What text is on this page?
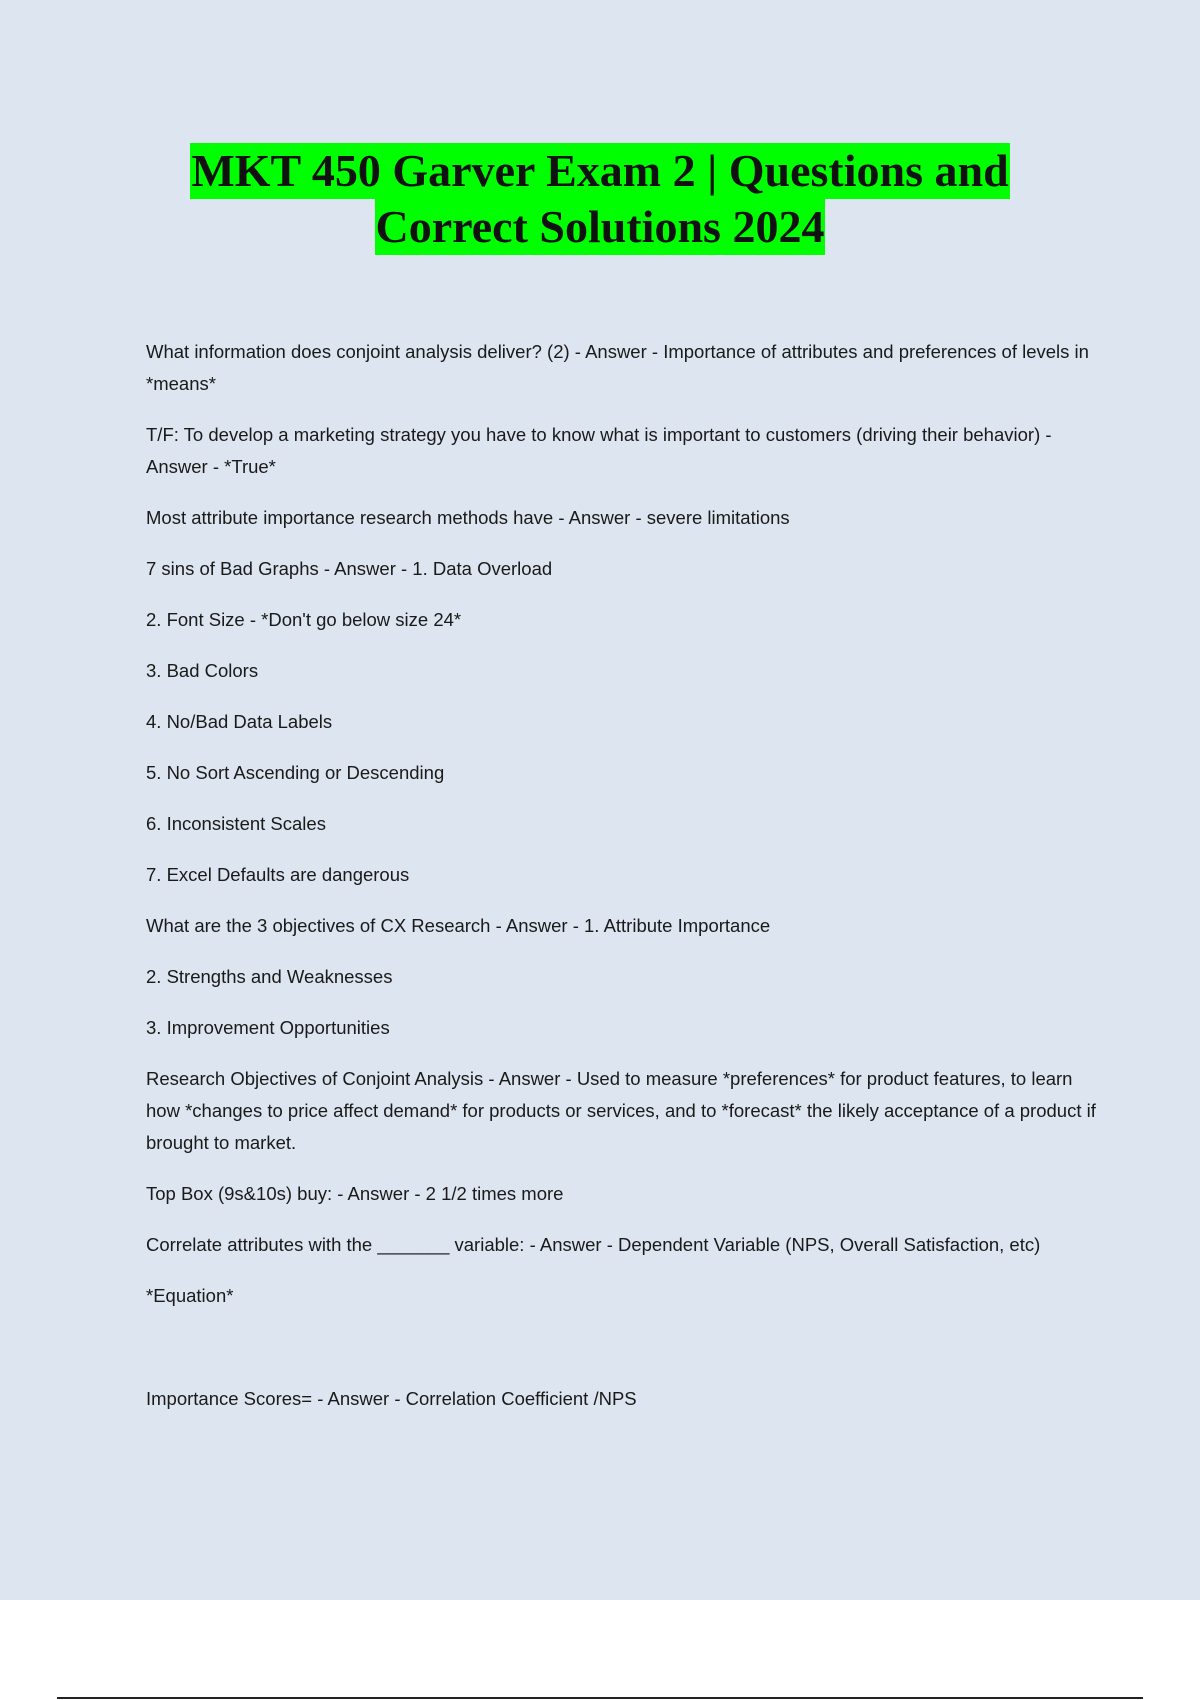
MKT 450 Garver Exam 2 | Questions and
Correct Solutions 2024

What information does conjoint analysis deliver? (2) - Answer - Importance of attributes and preferences of levels in *means*

T/F: To develop a marketing strategy you have to know what is important to customers (driving their behavior) - Answer - *True*

Most attribute importance research methods have - Answer - severe limitations

7 sins of Bad Graphs - Answer - 1. Data Overload

2. Font Size - *Don't go below size 24*

3. Bad Colors

4. No/Bad Data Labels

5. No Sort Ascending or Descending

6. Inconsistent Scales

7. Excel Defaults are dangerous

What are the 3 objectives of CX Research - Answer - 1. Attribute Importance

2. Strengths and Weaknesses

3. Improvement Opportunities

Research Objectives of Conjoint Analysis - Answer - Used to measure *preferences* for product features, to learn how *changes to price affect demand* for products or services, and to *forecast* the likely acceptance of a product if brought to market.

Top Box (9s&10s) buy: - Answer - 2 1/2 times more

Correlate attributes with the _______ variable: - Answer - Dependent Variable (NPS, Overall Satisfaction, etc)

*Equation*

Importance Scores= - Answer - Correlation Coefficient /NPS
